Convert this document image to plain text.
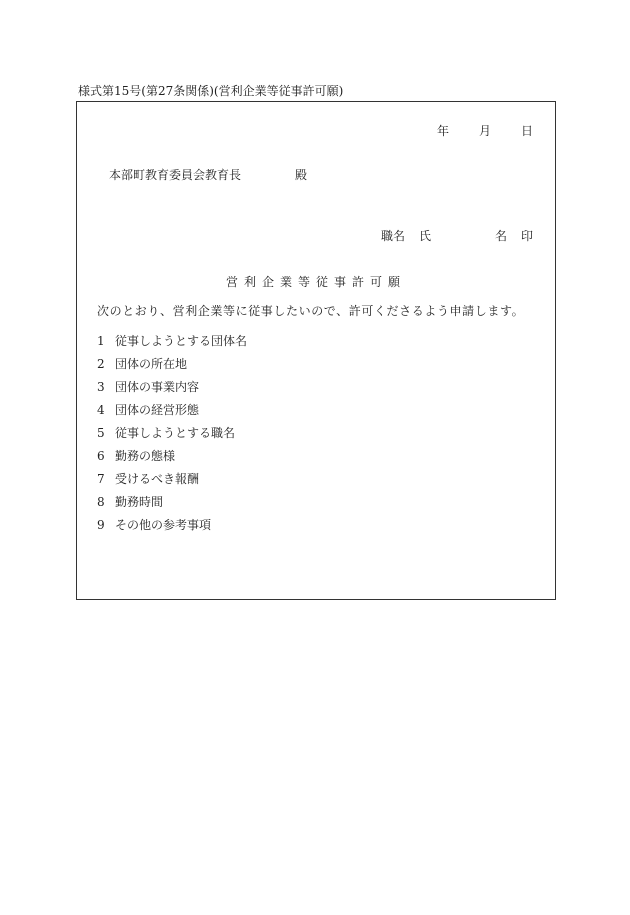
様式第15号(第27条関係)(営利企業等従事許可願)
年	月	日
本部町教育委員会教育長	殿
職名 氏	名 印
営利企業等従事許可願
次のとおり、営利企業等に従事したいので、許可くださるよう申請します。
1 従事しようとする団体名
2 団体の所在地
3 団体の事業内容
4 団体の経営形態
5 従事しようとする職名
6 勤務の態様
7 受けるべき報酬
8 勤務時間
9 その他の参考事項
